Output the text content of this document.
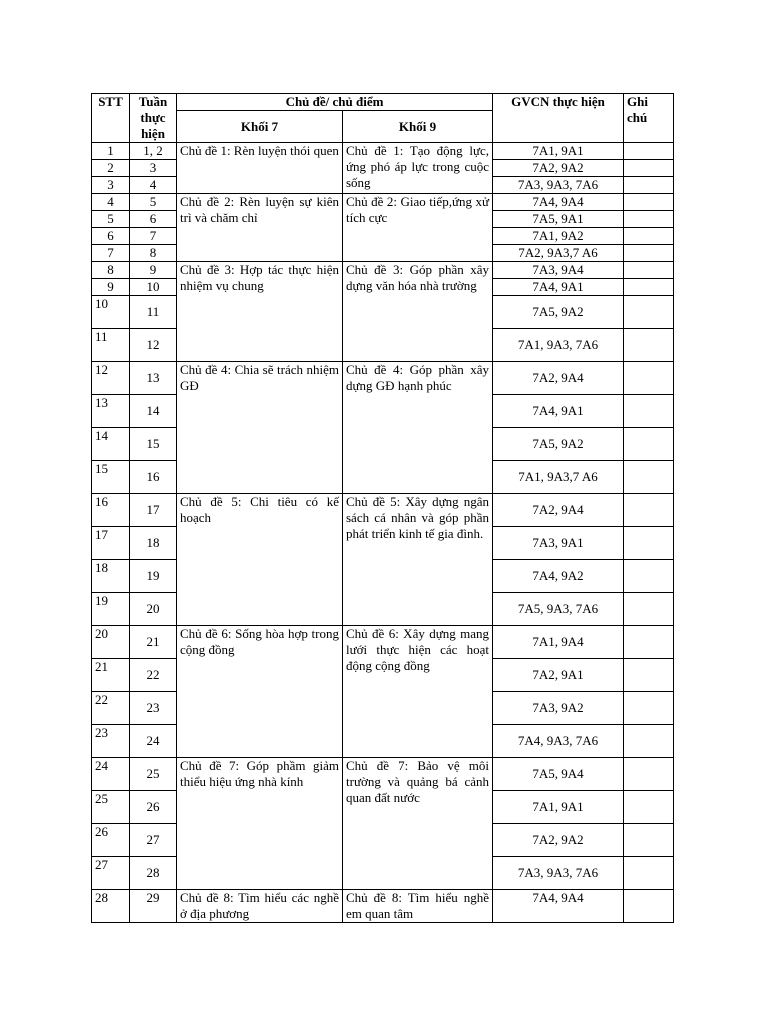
STT	Tuần thực hiện	Chủ đề/ chủ điểm		GVCN thực hiện	Ghi chú
		Khối 7	Khối 9		
1	1, 2	Chủ đề 1: Rèn luyện thói quen	Chủ đề 1: Tạo động lực, ứng phó áp lực trong cuộc sống	7A1, 9A1	
2	3			7A2, 9A2	
3	4			7A3, 9A3, 7A6	
4	5	Chủ đề 2: Rèn luyện sự kiên trì và chăm chỉ	Chủ đề 2: Giao tiếp,ứng xử tích cực	7A4, 9A4	
5	6			7A5, 9A1	
6	7			7A1, 9A2	
7	8			7A2, 9A3,7 A6	
8	9	Chủ đề 3: Hợp tác thực hiện nhiệm vụ chung	Chủ đề 3: Góp phần xây dựng văn hóa nhà trường	7A3, 9A4	
9	10			7A4, 9A1	
10	11			7A5, 9A2	
11	12			7A1, 9A3, 7A6	
12	13	Chủ đề 4: Chia sẽ trách nhiệm GĐ	Chủ đề 4: Góp phần xây dựng GĐ hạnh phúc	7A2, 9A4	
13	14			7A4, 9A1	
14	15			7A5, 9A2	
15	16			7A1, 9A3,7 A6	
16	17	Chủ đề 5: Chi tiêu có kế hoạch	Chủ đề 5: Xây dựng ngân sách cá nhân và góp phần phát triển kinh tế gia đình.	7A2, 9A4	
17	18			7A3, 9A1	
18	19			7A4, 9A2	
19	20			7A5, 9A3, 7A6	
20	21	Chủ đề 6: Sống hòa hợp trong cộng đồng	Chủ đề 6: Xây dựng mang lưới thực hiện các hoạt động cộng đồng	7A1, 9A4	
21	22			7A2, 9A1	
22	23			7A3, 9A2	
23	24			7A4, 9A3, 7A6	
24	25	Chủ đề 7: Góp phầm giảm thiểu hiệu ứng nhà kính	Chủ đề 7: Bảo vệ môi trường và quảng bá cảnh quan đất nước	7A5, 9A4	
25	26			7A1, 9A1	
26	27			7A2, 9A2	
27	28			7A3, 9A3, 7A6	
28	29	Chủ đề 8: Tìm hiểu các nghề ở địa phương	Chủ đề 8: Tìm hiểu nghề em quan tâm	7A4, 9A4	
